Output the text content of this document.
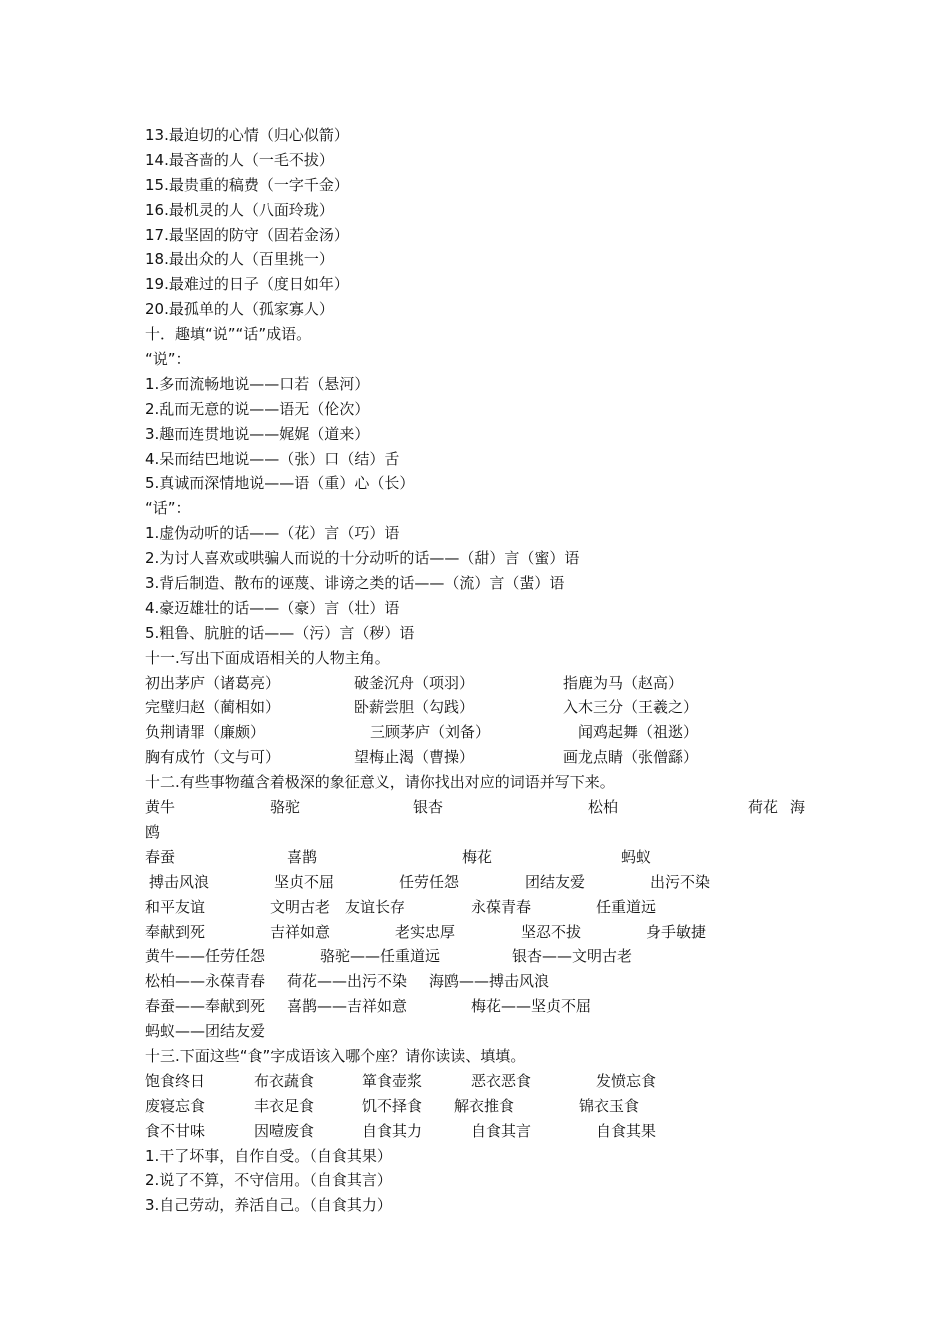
13.最迫切的心情（归心似箭）
14.最吝啬的人（一毛不拔）
15.最贵重的稿费（一字千金）
16.最机灵的人（八面玲珑）
17.最坚固的防守（固若金汤）
18.最出众的人（百里挑一）
19.最难过的日子（度日如年）
20.最孤单的人（孤家寡人）
十．趣填“说”“话”成语。
“说”：
1.多而流畅地说——口若（悬河）
2.乱而无意的说——语无（伦次）
3.趣而连贯地说——娓娓（道来）
4.呆而结巴地说——（张）口（结）舌
5.真诚而深情地说——语（重）心（长）
“话”：
1.虚伪动听的话——（花）言（巧）语
2.为讨人喜欢或哄骗人而说的十分动听的话——（甜）言（蜜）语
3.背后制造、散布的诬蔑、诽谤之类的话——（流）言（蜚）语
4.豪迈雄壮的话——（豪）言（壮）语
5.粗鲁、肮脏的话——（污）言（秽）语
十一.写出下面成语相关的人物主角。
初出茅庐（诸葛亮）	破釜沉舟（项羽）	指鹿为马（赵高）
完璧归赵（蔺相如）	卧薪尝胆（勾践）	入木三分（王羲之）
负荆请罪（廉颇）	三顾茅庐（刘备）	闻鸡起舞（祖逖）
胸有成竹（文与可）	望梅止渴（曹操）	画龙点睛（张僧繇）
十二.有些事物蕴含着极深的象征意义，请你找出对应的词语并写下来。
黄牛	骆驼	银杏	松柏	荷花 海
鸥
春蚕	喜鹊	梅花	蚂蚁
搏击风浪	坚贞不屈	任劳任怨	团结友爱	出污不染
和平友谊	文明古老 友谊长存	永葆青春	任重道远
奉献到死	吉祥如意	老实忠厚	坚忍不拔	身手敏捷
黄牛——任劳任怨	骆驼——任重道远	银杏——文明古老
松柏——永葆青春 荷花——出污不染 海鸥——搏击风浪
春蚕——奉献到死 喜鹊——吉祥如意	梅花——坚贞不屈
蚂蚁——团结友爱
十三.下面这些“食”字成语该入哪个座？请你读读、填填。
饱食终日	布衣蔬食	箪食壶浆	恶衣恶食	发愤忘食
废寝忘食	丰衣足食	饥不择食 解衣推食	锦衣玉食
食不甘味	因噎废食	自食其力	自食其言	自食其果
1.干了坏事，自作自受。（自食其果）
2.说了不算，不守信用。（自食其言）
3.自己劳动，养活自己。（自食其力）
